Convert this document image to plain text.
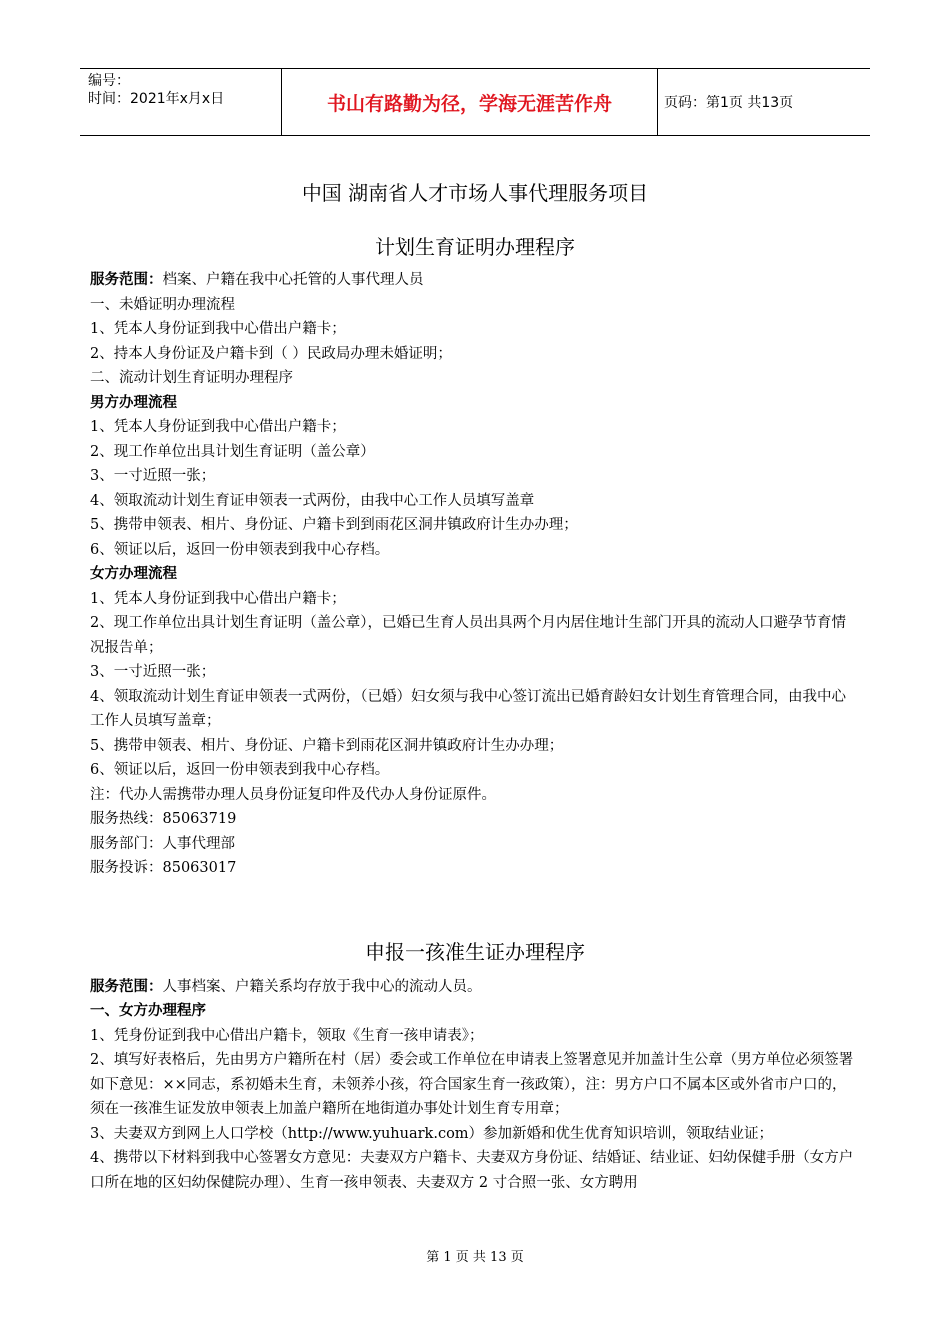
编号：
时间：2021年x月x日	书山有路勤为径，学海无涯苦作舟	页码：第1页 共13页
中国 湖南省人才市场人事代理服务项目
计划生育证明办理程序
服务范围：档案、户籍在我中心托管的人事代理人员
一、未婚证明办理流程
1、凭本人身份证到我中心借出户籍卡；
2、持本人身份证及户籍卡到（ ）民政局办理未婚证明；
二、流动计划生育证明办理程序
男方办理流程
1、凭本人身份证到我中心借出户籍卡；
2、现工作单位出具计划生育证明（盖公章）
3、一寸近照一张；
4、领取流动计划生育证申领表一式两份，由我中心工作人员填写盖章
5、携带申领表、相片、身份证、户籍卡到到雨花区洞井镇政府计生办办理；
6、领证以后，返回一份申领表到我中心存档。
女方办理流程
1、凭本人身份证到我中心借出户籍卡；
2、现工作单位出具计划生育证明（盖公章），已婚已生育人员出具两个月内居住地计生部门开具的流动人口避孕节育情况报告单；
3、一寸近照一张；
4、领取流动计划生育证申领表一式两份，（已婚）妇女须与我中心签订流出已婚育龄妇女计划生育管理合同，由我中心工作人员填写盖章；
5、携带申领表、相片、身份证、户籍卡到雨花区洞井镇政府计生办办理；
6、领证以后，返回一份申领表到我中心存档。
注：代办人需携带办理人员身份证复印件及代办人身份证原件。
服务热线：85063719
服务部门：人事代理部
服务投诉：85063017
申报一孩准生证办理程序
服务范围：人事档案、户籍关系均存放于我中心的流动人员。
一、女方办理程序
1、凭身份证到我中心借出户籍卡，领取《生育一孩申请表》；
2、填写好表格后，先由男方户籍所在村（居）委会或工作单位在申请表上签署意见并加盖计生公章（男方单位必须签署如下意见：××同志，系初婚未生育，未领养小孩，符合国家生育一孩政策），注：男方户口不属本区或外省市户口的，须在一孩准生证发放申领表上加盖户籍所在地街道办事处计划生育专用章；
3、夫妻双方到网上人口学校（http://www.yuhuark.com）参加新婚和优生优育知识培训，领取结业证；
4、携带以下材料到我中心签署女方意见：夫妻双方户籍卡、夫妻双方身份证、结婚证、结业证、妇幼保健手册（女方户口所在地的区妇幼保健院办理）、生育一孩申领表、夫妻双方 2 寸合照一张、女方聘用
第 1 页 共 13 页
